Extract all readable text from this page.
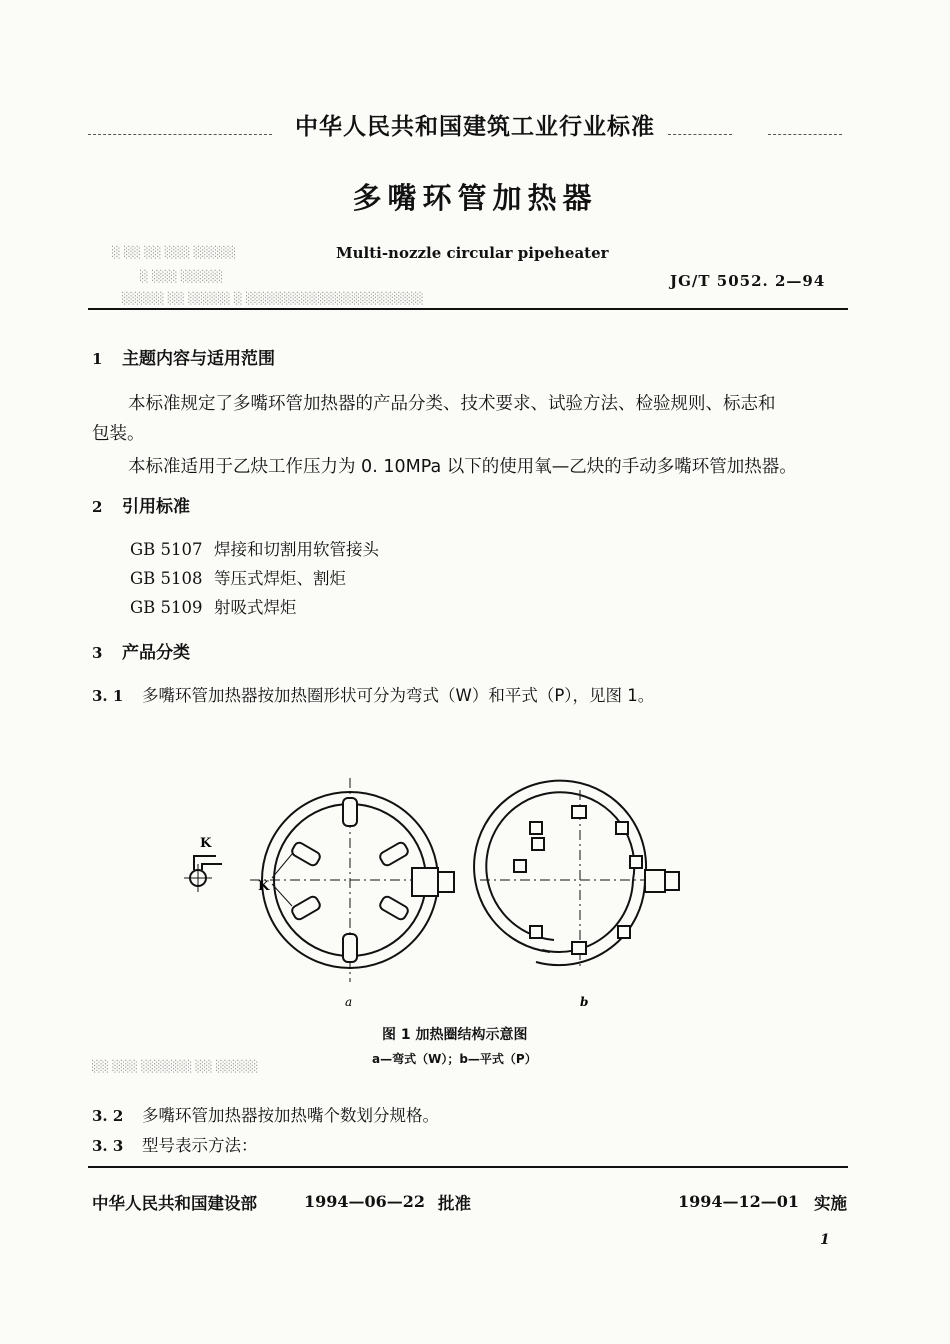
中华人民共和国建筑工业行业标准
多嘴环管加热器
░ ░░ ░░ ░░░ ░░░░░
░ ░░░ ░░░░░
░░░░░ ░░ ░░░░░ ░ ░░░░░░░░░░░░░░░░░░░░░
Multi-nozzle circular pipeheater
JG/T 5052. 2—94
1 主题内容与适用范围
本标准规定了多嘴环管加热器的产品分类、技术要求、试验方法、检验规则、标志和
包装。
本标准适用于乙炔工作压力为 0. 10MPa 以下的使用氧—乙炔的手动多嘴环管加热器。
2 引用标准
GB 5107 焊接和切割用软管接头
GB 5108 等压式焊炬、割炬
GB 5109 射吸式焊炬
3 产品分类
3. 1 多嘴环管加热器按加热圈形状可分为弯式（W）和平式（P），见图 1。
K
K
a	b
图 1 加热圈结构示意图
a—弯式（W）；b—平式（P）
░░ ░░░ ░░░░░░ ░░ ░░░░░
3. 2 多嘴环管加热器按加热嘴个数划分规格。
3. 3 型号表示方法：
中华人民共和国建设部	1994—06—22 批准	1994—12—01 实施
1
